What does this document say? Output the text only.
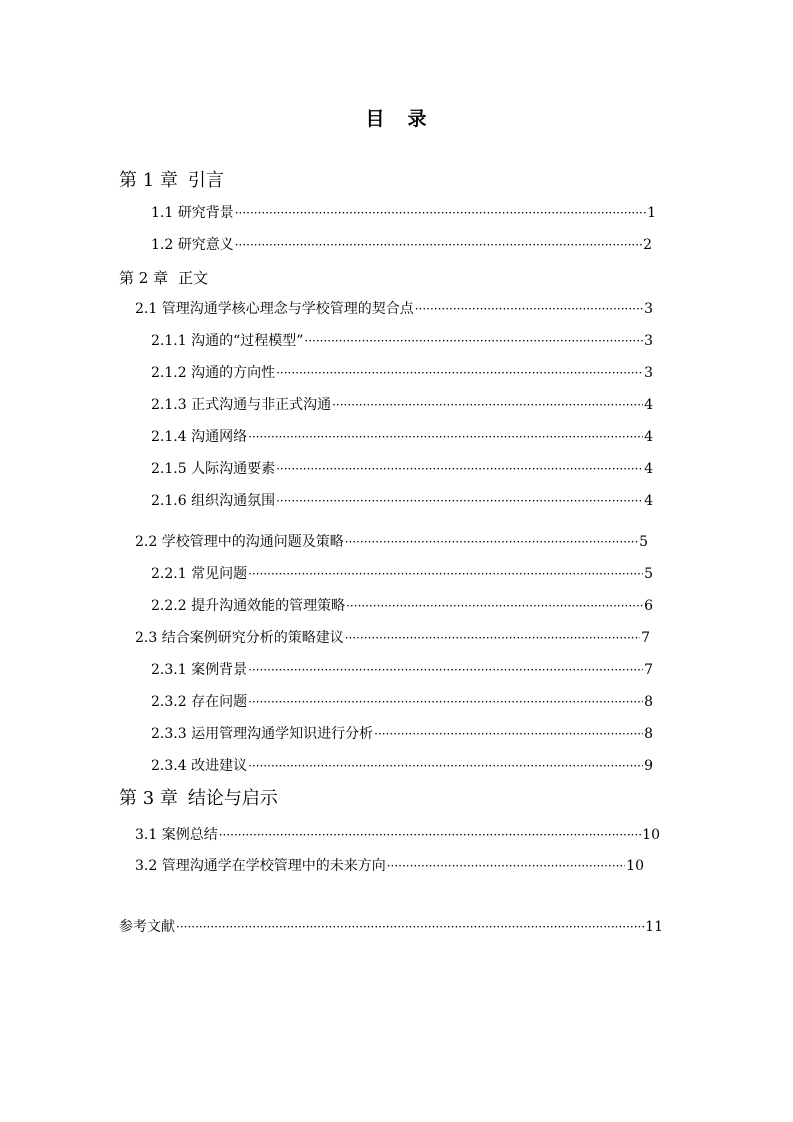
目 录
第 1 章 引言
1.1 研究背景 ·····	1
1.2 研究意义 ·····	2
第 2 章 正文
2.1 管理沟通学核心理念与学校管理的契合点 ·····	3
2.1.1 沟通的“过程模型” ·····	3
2.1.2 沟通的方向性 ·····	3
2.1.3 正式沟通与非正式沟通 ·····	4
2.1.4 沟通网络 ·····	4
2.1.5 人际沟通要素 ·····	4
2.1.6 组织沟通氛围 ·····	4
2.2 学校管理中的沟通问题及策略 ·····	5
2.2.1 常见问题 ·····	5
2.2.2 提升沟通效能的管理策略 ·····	6
2.3 结合案例研究分析的策略建议 ·····	7
2.3.1 案例背景 ·····	7
2.3.2 存在问题 ·····	8
2.3.3 运用管理沟通学知识进行分析 ·····	8
2.3.4 改进建议 ·····	9
第 3 章 结论与启示
3.1 案例总结 ·····	10
3.2 管理沟通学在学校管理中的未来方向 ·····	10
参考文献 ·····	11
